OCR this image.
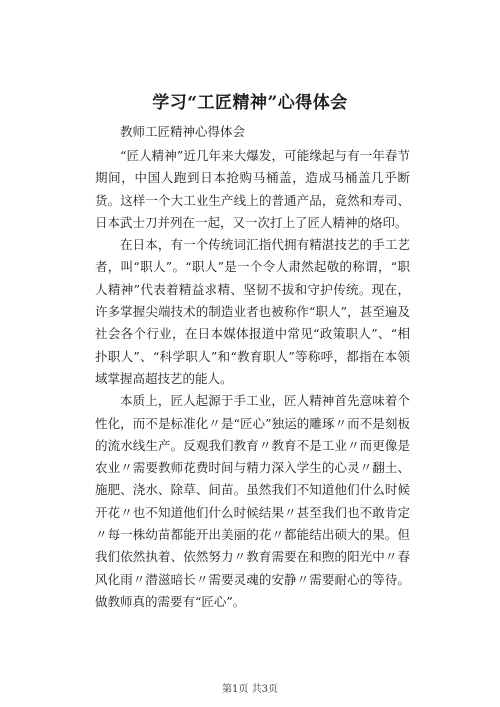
学习“工匠精神”心得体会
教师工匠精神心得体会

“匠人精神”近几年来大爆发，可能缘起与有一年春节期间，中国人跑到日本抢购马桶盖，造成马桶盖几乎断货。这样一个大工业生产线上的普通产品，竟然和寿司、日本武士刀并列在一起，又一次打上了匠人精神的烙印。

在日本，有一个传统词汇指代拥有精湛技艺的手工艺者，叫“职人”。“职人”是一个令人肃然起敬的称谓，“职人精神”代表着精益求精、坚韧不拔和守护传统。现在，许多掌握尖端技术的制造业者也被称作“职人”，甚至遍及社会各个行业，在日本媒体报道中常见“政策职人”、“相扑职人”、“科学职人”和“教育职人”等称呼，都指在本领域掌握高超技艺的能人。

本质上，匠人起源于手工业，匠人精神首先意味着个性化，而不是标准化〃是“匠心”独运的雕琢〃而不是刻板的流水线生产。反观我们教育〃教育不是工业〃而更像是农业〃需要教师花费时间与精力深入学生的心灵〃翻土、施肥、浇水、除草、间苗。虽然我们不知道他们什么时候开花〃也不知道他们什么时候结果〃甚至我们也不敢肯定〃每一株幼苗都能开出美丽的花〃都能结出硕大的果。但我们依然执着、依然努力〃教育需要在和煦的阳光中〃春风化雨〃潜滋暗长〃需要灵魂的安静〃需要耐心的等待。做教师真的需要有“匠心”。

第1页 共3页
